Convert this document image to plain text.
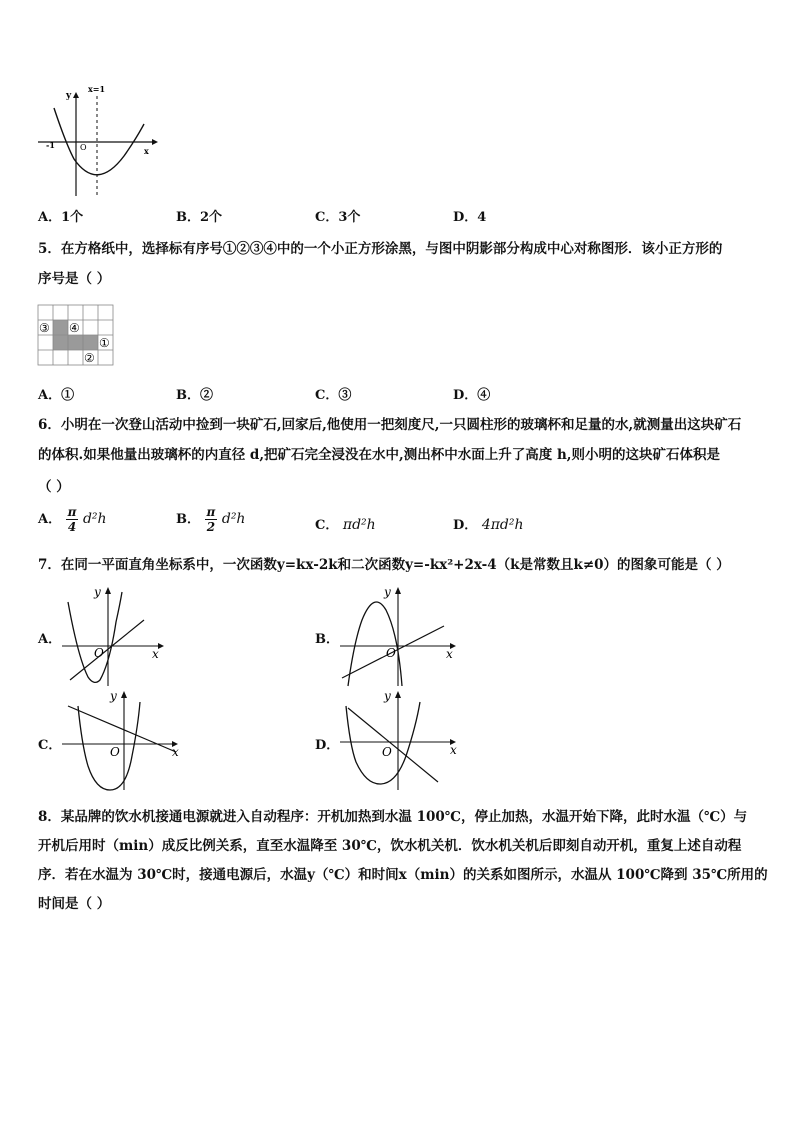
y
x=1
-1	O	x
A．1个	B．2个	C．3个	D．4
5．在方格纸中，选择标有序号①②③④中的一个小正方形涂黑，与图中阴影部分构成中心对称图形．该小正方形的
序号是（ ）
③ ④
①
②
A．①	B．②	C．③	D．④
6．小明在一次登山活动中捡到一块矿石,回家后,他使用一把刻度尺,一只圆柱形的玻璃杯和足量的水,就测量出这块矿石
的体积.如果他量出玻璃杯的内直径 d,把矿石完全浸没在水中,测出杯中水面上升了高度 h,则小明的这块矿石体积是
（ ）
A． $\frac{\pi}{4} d^2h$	B． $\frac{\pi}{2} d^2h$	C． πd²h	D． 4πd²h
7．在同一平面直角坐标系中，一次函数y=kx-2k和二次函数y=-kx²+2x-4（k是常数且k≠0）的图象可能是（ ）
A．	B．
C．	D．
y
O	x
y
O	x
y
O	x
y
O	x
8．某品牌的饮水机接通电源就进入自动程序：开机加热到水温 100℃，停止加热，水温开始下降，此时水温（℃）与
开机后用时（min）成反比例关系，直至水温降至 30℃，饮水机关机．饮水机关机后即刻自动开机，重复上述自动程
序．若在水温为 30℃时，接通电源后，水温y（℃）和时间x（min）的关系如图所示，水温从 100℃降到 35℃所用的
时间是（ ）
